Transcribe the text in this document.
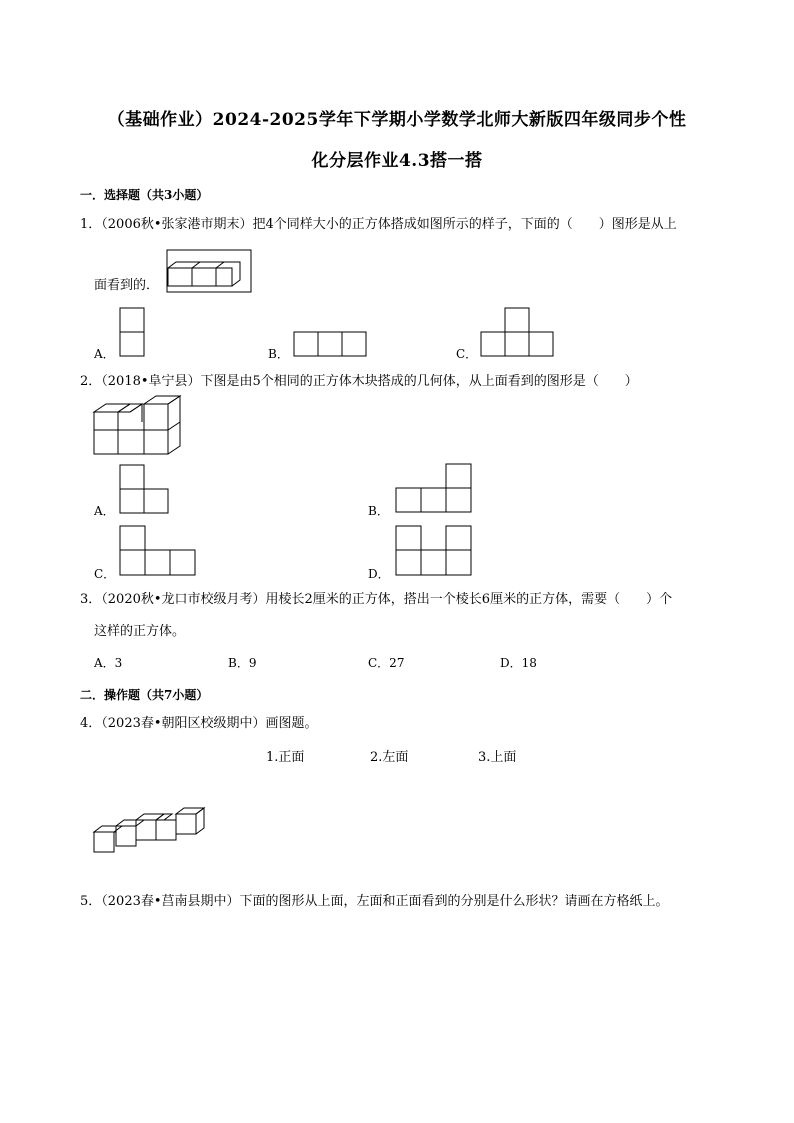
（基础作业）2024-2025学年下学期小学数学北师大新版四年级同步个性
化分层作业4.3搭一搭
一．选择题（共3小题）
1．（2006秋•张家港市期末）把4个同样大小的正方体搭成如图所示的样子，下面的（　　）图形是从上
面看到的．
A．	B．	C．
2．（2018•阜宁县）下图是由5个相同的正方体木块搭成的几何体，从上面看到的图形是（　　）
A．	B．
C．	D．
3．（2020秋•龙口市校级月考）用棱长2厘米的正方体，搭出一个棱长6厘米的正方体，需要（　　）个
这样的正方体。
A．3	B．9	C．27	D．18
二．操作题（共7小题）
4．（2023春•朝阳区校级期中）画图题。
1.正面	2.左面	3.上面
5．（2023春•莒南县期中）下面的图形从上面，左面和正面看到的分别是什么形状？请画在方格纸上。
